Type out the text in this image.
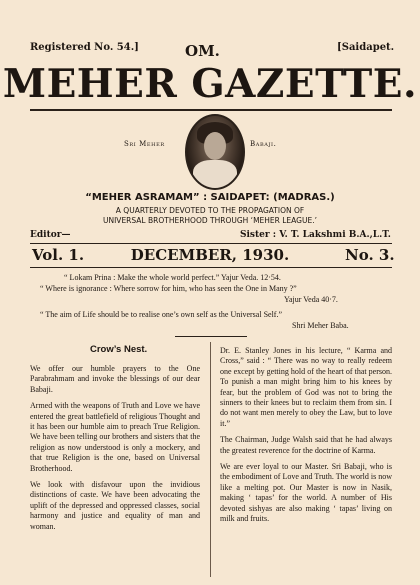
Registered No. 54.]	OM.	[Saidapet.
MEHER GAZETTE.
Sri Meher	Babaji.
“MEHER ASRAMAM” : SAIDAPET: (MADRAS.)
A QUARTERLY DEVOTED TO THE PROPAGATION OF
UNIVERSAL BROTHERHOOD THROUGH ‘MEHER LEAGUE.’
Editor—	Sister : V. T. Lakshmi B.A.,L.T.
Vol. 1.	DECEMBER, 1930.	No. 3.
“ Lokam Prina : Make the whole world perfect.” Yajur Veda. 12·54.
“ Where is ignorance : Where sorrow for him, who has seen the One in Many ?”
Yajur Veda 40·7.
“ The aim of Life should be to realise one’s own self as the Universal Self.”
Shri Meher Baba.
Crow’s Nest.

We offer our humble prayers to the One Parabrahmam and invoke the blessings of our dear Babaji.

Armed with the weapons of Truth and Love we have entered the great battlefield of religious Thought and it has been our humble aim to preach True Religion. We have been telling our brothers and sisters that the religion as now understood is only a mockery, and that true Religion is the one, based on Universal Brotherhood.

We look with disfavour upon the invidious distinctions of caste. We have been advocating the uplift of the depressed and oppressed classes, social harmony and justice and equality of man and woman.

Dr. E. Stanley Jones in his lecture, “ Karma and Cross,” said : “ There was no way to really redeem one except by getting hold of the heart of that person. To punish a man might bring him to his knees by fear, but the problem of God was not to bring the sinners to their knees but to reclaim them from sin. I do not want men merely to obey the Law, but to love it.”

The Chairman, Judge Walsh said that he had always the greatest reverence for the doctrine of Karma.

We are ever loyal to our Master. Sri Babaji, who is the embodiment of Love and Truth. The world is now like a melting pot. Our Master is now in Nasik, making ‘ tapas’ for the world. A number of His devoted sishyas are also making ‘ tapas’ living on milk and fruits.
